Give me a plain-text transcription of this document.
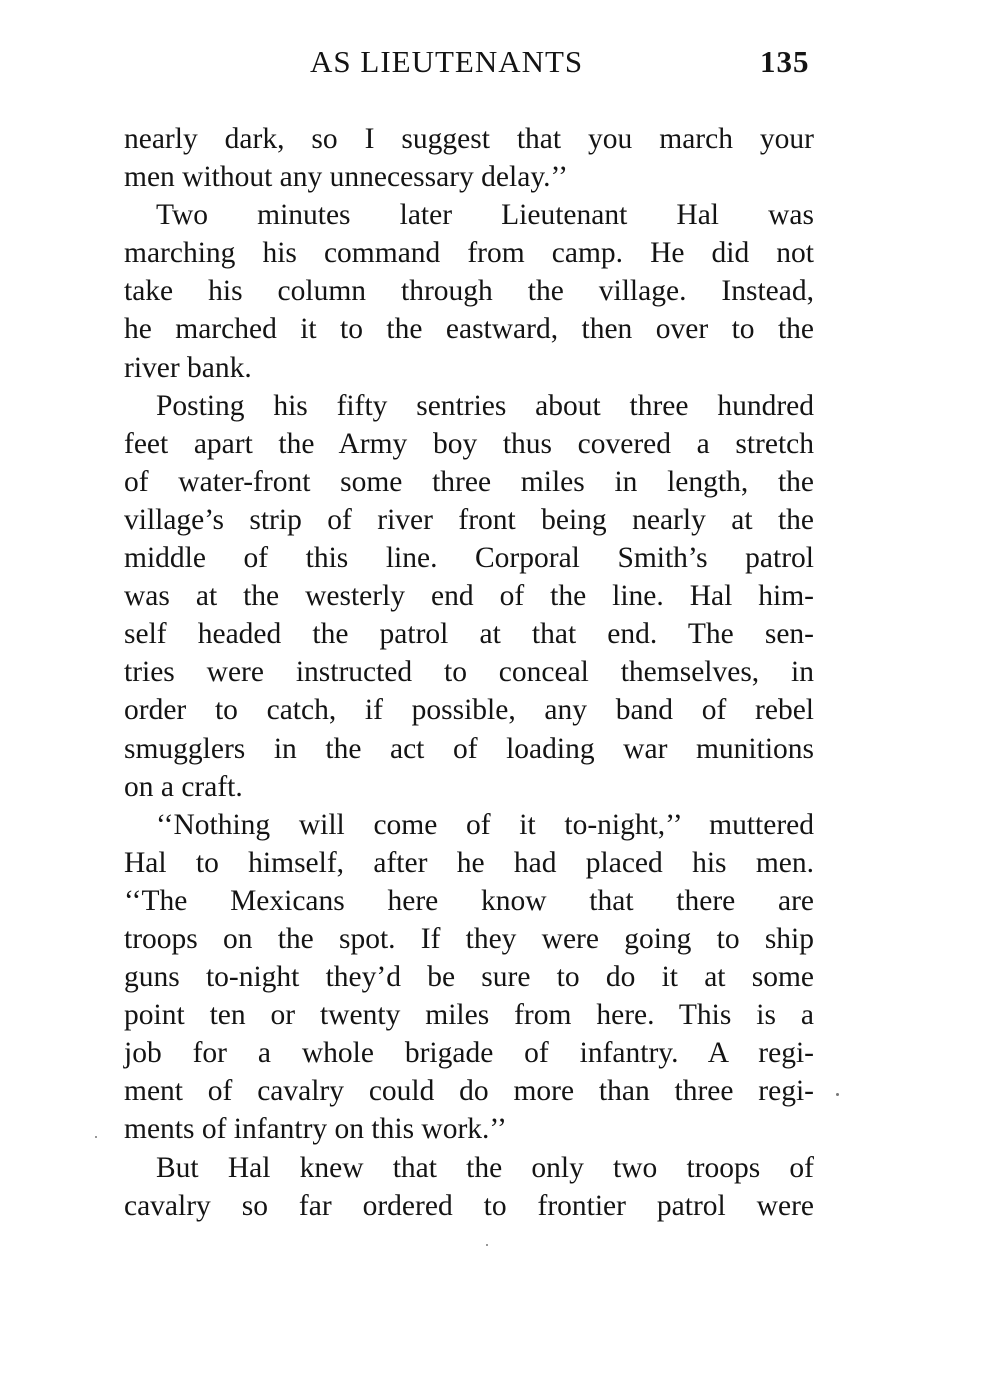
AS LIEUTENANTS	135
nearly dark, so I suggest that you march your
men without any unnecessary delay.’’
Two minutes later Lieutenant Hal was
marching his command from camp. He did not
take his column through the village. Instead,
he marched it to the eastward, then over to the
river bank.
Posting his fifty sentries about three hundred
feet apart the Army boy thus covered a stretch
of water-front some three miles in length, the
village’s strip of river front being nearly at the
middle of this line. Corporal Smith’s patrol
was at the westerly end of the line. Hal him-
self headed the patrol at that end. The sen-
tries were instructed to conceal themselves, in
order to catch, if possible, any band of rebel
smugglers in the act of loading war munitions
on a craft.
‘‘Nothing will come of it to-night,’’ muttered
Hal to himself, after he had placed his men.
‘‘The Mexicans here know that there are
troops on the spot. If they were going to ship
guns to-night they’d be sure to do it at some
point ten or twenty miles from here. This is a
job for a whole brigade of infantry. A regi-
ment of cavalry could do more than three regi-
ments of infantry on this work.’’
But Hal knew that the only two troops of
cavalry so far ordered to frontier patrol were
